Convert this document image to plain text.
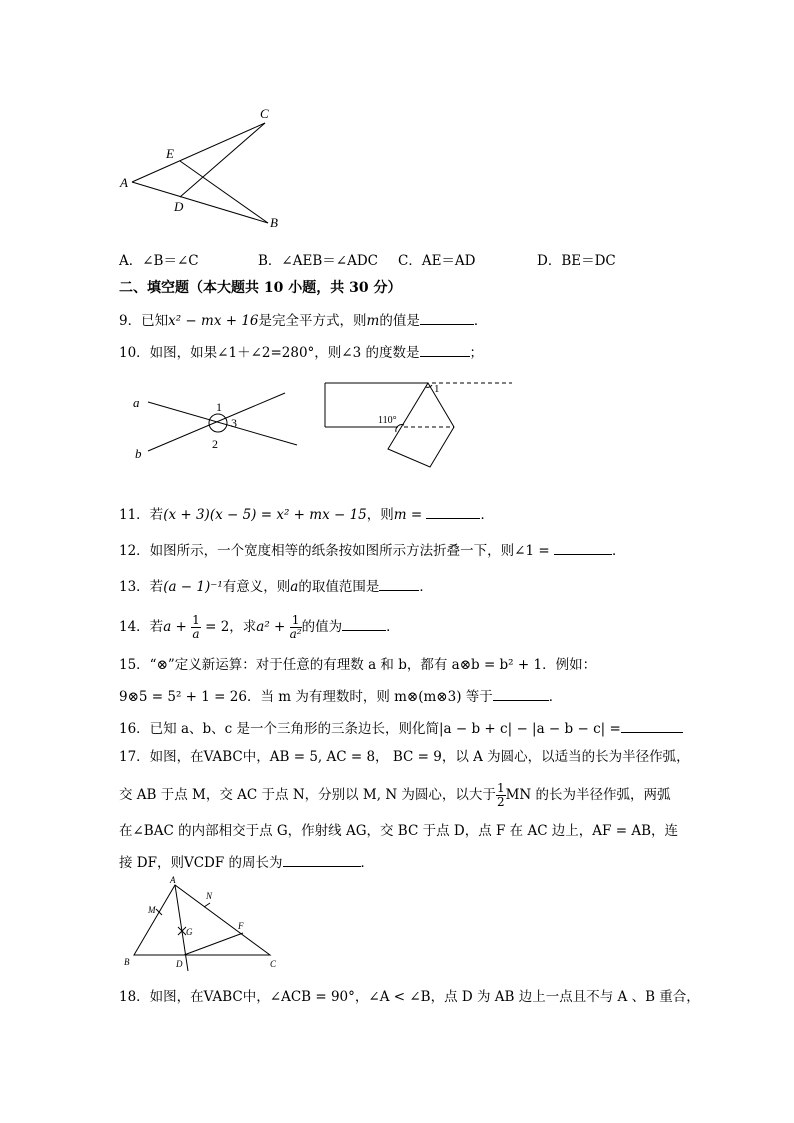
C
E
A
D
B
A．∠B＝∠C	B．∠AEB＝∠ADC C．AE＝AD	D．BE＝DC
二、填空题（本大题共 10 小题，共 30 分）
9．已知x² − mx + 16是完全平方式，则m的值是	．
10．如图，如果∠1＋∠2=280°，则∠3 的度数是	；
a
b
1
3
2
110°
1
11．若(x + 3)(x − 5) = x² + mx − 15，则m =	．
12．如图所示，一个宽度相等的纸条按如图所示方法折叠一下，则∠1 =	．
13．若(a − 1)⁻¹有意义，则a的取值范围是	．
14．若$a + \frac{1}{a} = 2$，求$a^2 + \frac{1}{\text{a²}}$ 的值为	．
15．“⊗”定义新运算：对于任意的有理数 a 和 b，都有 a⊗b = b² + 1．例如：
9⊗5 = 5² + 1 = 26．当 m 为有理数时，则 m⊗(m⊗3) 等于	．
16．已知 a、b、c 是一个三角形的三条边长，则化简|a − b + c| − |a − b − c| =
17．如图，在VABC中，AB = 5, AC = 8， BC = 9，以 A 为圆心，以适当的长为半径作弧，
交 AB 于点 M，交 AC 于点 N，分别以 M, N 为圆心，以大于 $\frac{1}{2}$ MN 的长为半径作弧，两弧
在∠BAC 的内部相交于点 G，作射线 AG，交 BC 于点 D，点 F 在 AC 边上，AF = AB，连
接 DF，则VCDF 的周长为	．
A
M
N
G
F
B	D	C
18．如图，在VABC中，∠ACB = 90°，∠A < ∠B，点 D 为 AB 边上一点且不与 A 、B 重合，
